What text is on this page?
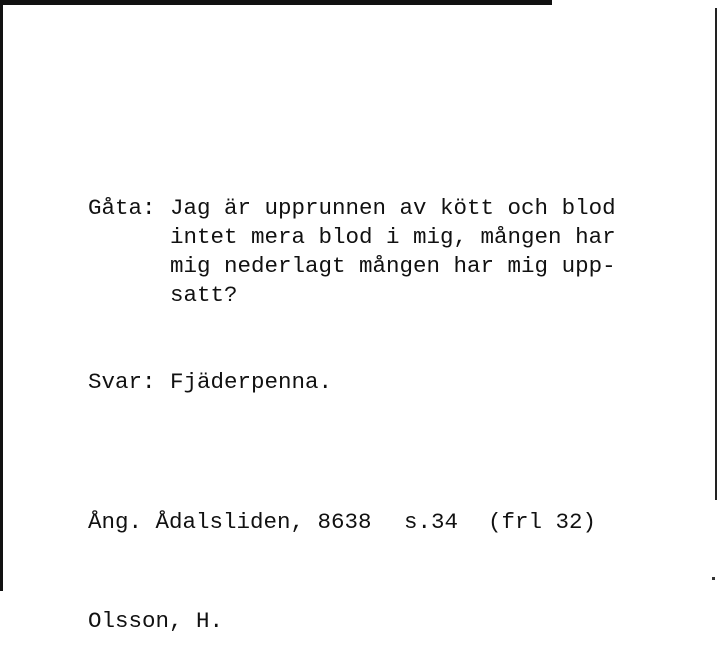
Gåta: Jag är upprunnen av kött och blod
intet mera blod i mig, mången har
mig nederlagt mången har mig upp-
satt?

Svar: Fjäderpenna.

Ång. Ådalsliden, 8638	s.34	(frl 32)

Olsson, H.
